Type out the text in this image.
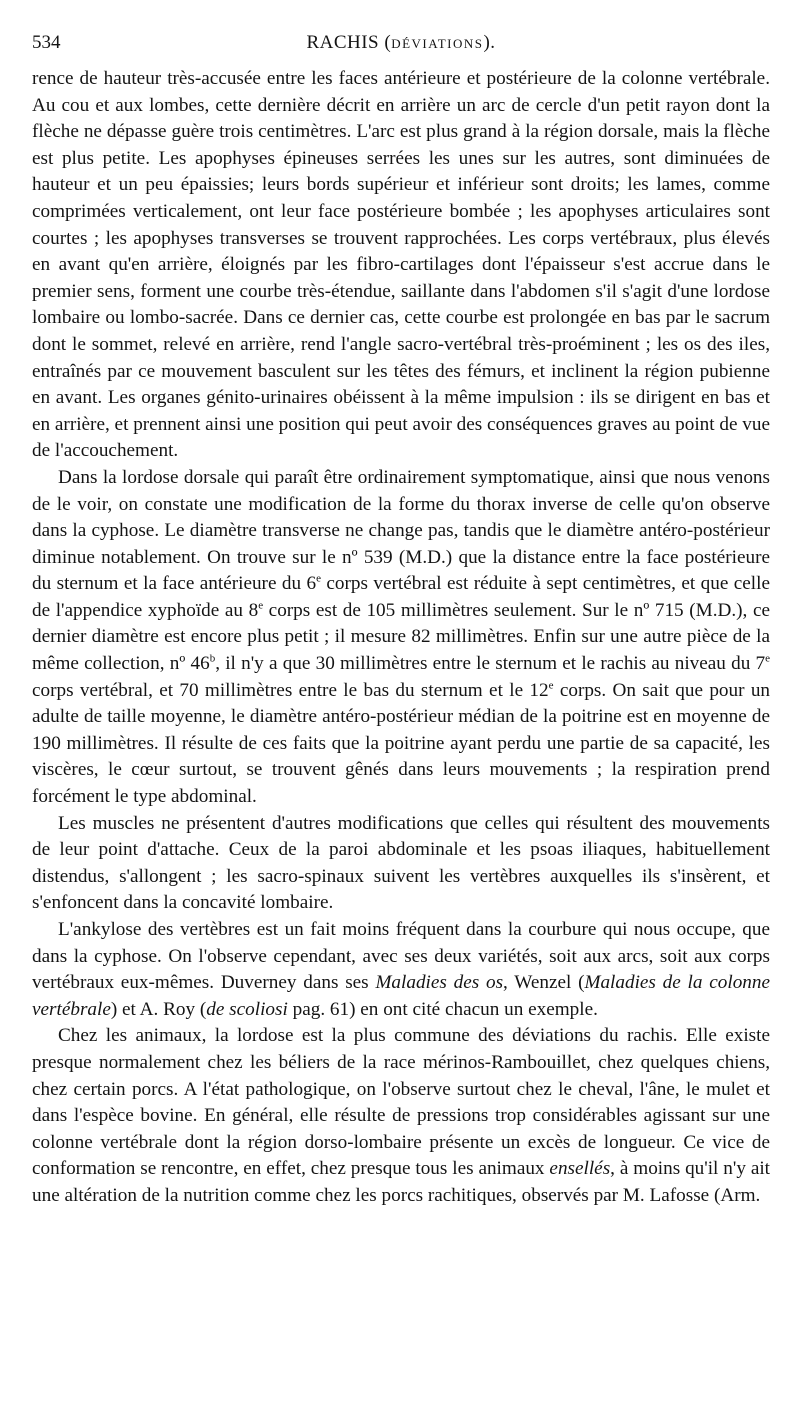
534	RACHIS (DÉVIATIONS).

rence de hauteur très-accusée entre les faces antérieure et postérieure de la colonne vertébrale. Au cou et aux lombes, cette dernière décrit en arrière un arc de cercle d'un petit rayon dont la flèche ne dépasse guère trois centimètres. L'arc est plus grand à la région dorsale, mais la flèche est plus petite. Les apophyses épineuses serrées les unes sur les autres, sont diminuées de hauteur et un peu épaissies; leurs bords supérieur et inférieur sont droits; les lames, comme comprimées verticalement, ont leur face postérieure bombée ; les apophyses articulaires sont courtes ; les apophyses transverses se trouvent rapprochées. Les corps vertébraux, plus élevés en avant qu'en arrière, éloignés par les fibro-cartilages dont l'épaisseur s'est accrue dans le premier sens, forment une courbe très-étendue, saillante dans l'abdomen s'il s'agit d'une lordose lombaire ou lombo-sacrée. Dans ce dernier cas, cette courbe est prolongée en bas par le sacrum dont le sommet, relevé en arrière, rend l'angle sacro-vertébral très-proéminent ; les os des iles, entraînés par ce mouvement basculent sur les têtes des fémurs, et inclinent la région pubienne en avant. Les organes génito-urinaires obéissent à la même impulsion : ils se dirigent en bas et en arrière, et prennent ainsi une position qui peut avoir des conséquences graves au point de vue de l'accouchement.

Dans la lordose dorsale qui paraît être ordinairement symptomatique, ainsi que nous venons de le voir, on constate une modification de la forme du thorax inverse de celle qu'on observe dans la cyphose. Le diamètre transverse ne change pas, tandis que le diamètre antéro-postérieur diminue notablement. On trouve sur le nº 539 (M.D.) que la distance entre la face postérieure du sternum et la face antérieure du 6e corps vertébral est réduite à sept centimètres, et que celle de l'appendice xyphoïde au 8e corps est de 105 millimètres seulement. Sur le nº 715 (M.D.), ce dernier diamètre est encore plus petit ; il mesure 82 millimètres. Enfin sur une autre pièce de la même collection, nº 46$^b$, il n'y a que 30 millimètres entre le sternum et le rachis au niveau du 7e corps vertébral, et 70 millimètres entre le bas du sternum et le 12e corps. On sait que pour un adulte de taille moyenne, le diamètre antéro-postérieur médian de la poitrine est en moyenne de 190 millimètres. Il résulte de ces faits que la poitrine ayant perdu une partie de sa capacité, les viscères, le cœur surtout, se trouvent gênés dans leurs mouvements ; la respiration prend forcément le type abdominal.

Les muscles ne présentent d'autres modifications que celles qui résultent des mouvements de leur point d'attache. Ceux de la paroi abdominale et les psoas iliaques, habituellement distendus, s'allongent ; les sacro-spinaux suivent les vertèbres auxquelles ils s'insèrent, et s'enfoncent dans la concavité lombaire.

L'ankylose des vertèbres est un fait moins fréquent dans la courbure qui nous occupe, que dans la cyphose. On l'observe cependant, avec ses deux variétés, soit aux arcs, soit aux corps vertébraux eux-mêmes. Duverney dans ses Maladies des os, Wenzel (Maladies de la colonne vertébrale) et A. Roy (de scoliosi pag. 61) en ont cité chacun un exemple.

Chez les animaux, la lordose est la plus commune des déviations du rachis. Elle existe presque normalement chez les béliers de la race mérinos-Rambouillet, chez quelques chiens, chez certain porcs. A l'état pathologique, on l'observe surtout chez le cheval, l'âne, le mulet et dans l'espèce bovine. En général, elle résulte de pressions trop considérables agissant sur une colonne vertébrale dont la région dorso-lombaire présente un excès de longueur. Ce vice de conformation se rencontre, en effet, chez presque tous les animaux ensellés, à moins qu'il n'y ait une altération de la nutrition comme chez les porcs rachitiques, observés par M. Lafosse (Arm.
